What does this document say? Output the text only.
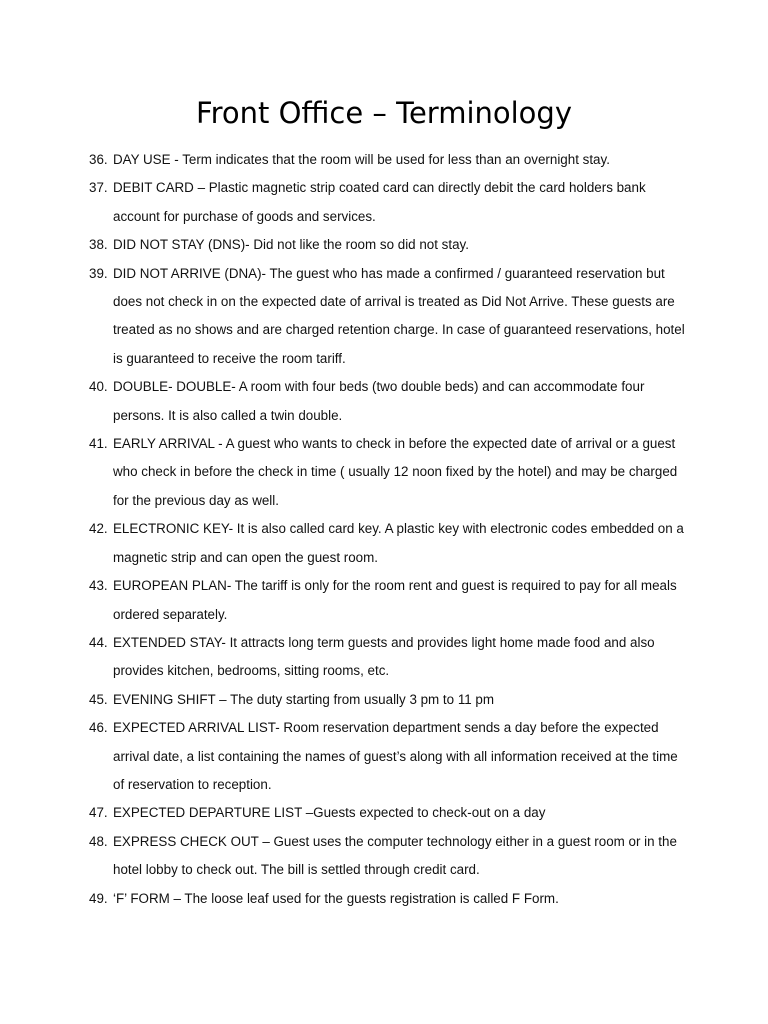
Front Office – Terminology
36. DAY USE - Term indicates that the room will be used for less than an overnight stay.
37. DEBIT CARD – Plastic magnetic strip coated card can directly debit the card holders bank account for purchase of goods and services.
38. DID NOT STAY (DNS)- Did not like the room so did not stay.
39. DID NOT ARRIVE (DNA)- The guest who has made a confirmed / guaranteed reservation but does not check in on the expected date of arrival is treated as Did Not Arrive. These guests are treated as no shows and are charged retention charge. In case of guaranteed reservations, hotel is guaranteed to receive the room tariff.
40. DOUBLE- DOUBLE- A room with four beds (two double beds) and can accommodate four persons. It is also called a twin double.
41. EARLY ARRIVAL - A guest who wants to check in before the expected date of arrival or a guest who check in before the check in time ( usually 12 noon fixed by the hotel) and may be charged for the previous day as well.
42. ELECTRONIC KEY- It is also called card key. A plastic key with electronic codes embedded on a magnetic strip and can open the guest room.
43. EUROPEAN PLAN- The tariff is only for the room rent and guest is required to pay for all meals ordered separately.
44. EXTENDED STAY- It attracts long term guests and provides light home made food and also provides kitchen, bedrooms, sitting rooms, etc.
45. EVENING SHIFT – The duty starting from usually 3 pm to 11 pm
46. EXPECTED ARRIVAL LIST- Room reservation department sends a day before the expected arrival date, a list containing the names of guest’s along with all information received at the time of reservation to reception.
47. EXPECTED DEPARTURE LIST –Guests expected to check-out on a day
48. EXPRESS CHECK OUT – Guest uses the computer technology either in a guest room or in the hotel lobby to check out. The bill is settled through credit card.
49. ‘F’ FORM – The loose leaf used for the guests registration is called F Form.
